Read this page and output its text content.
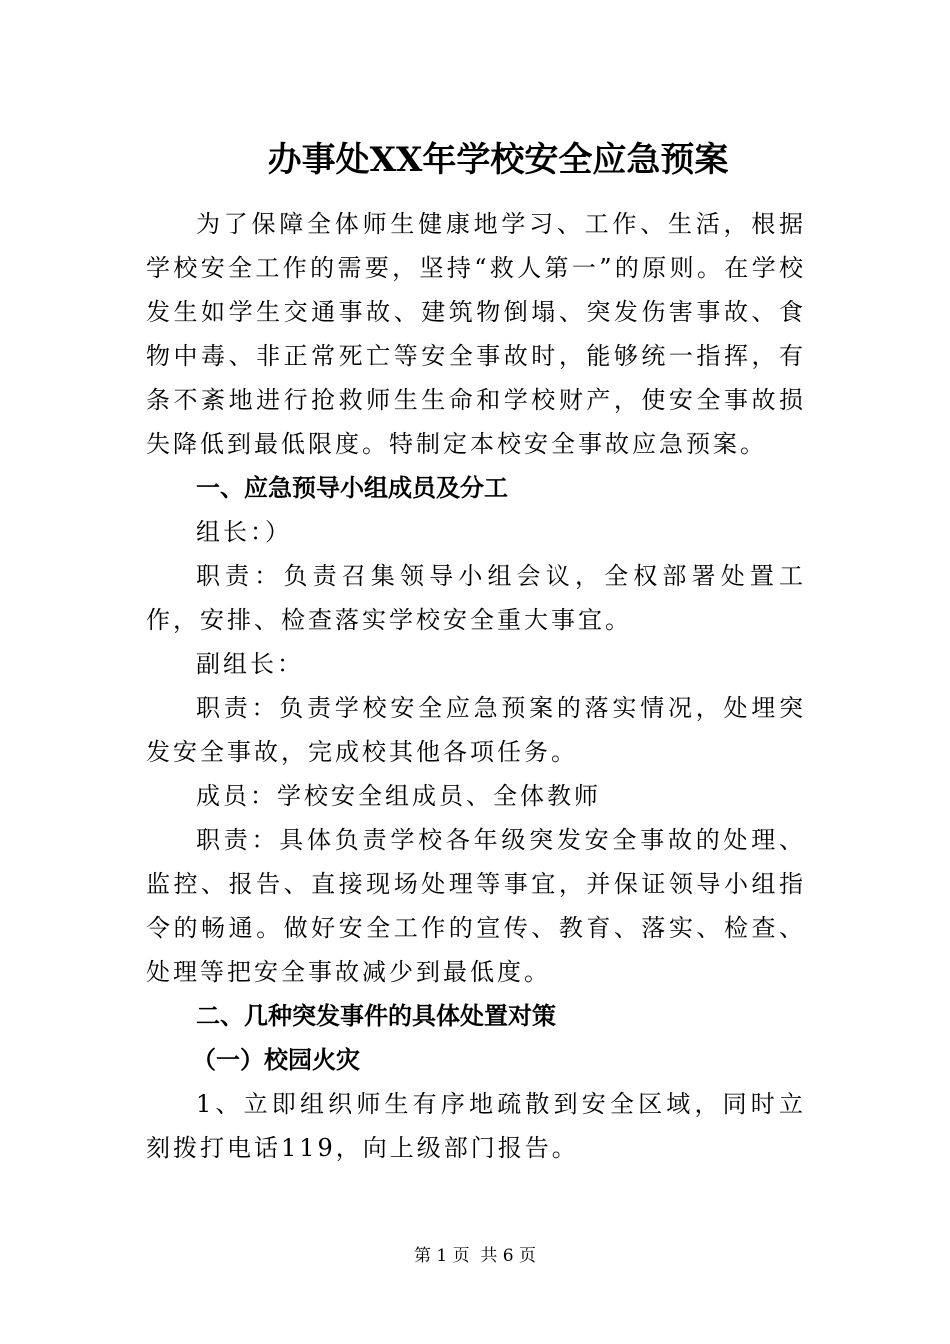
办事处XX年学校安全应急预案

为了保障全体师生健康地学习、工作、生活，根据学校安全工作的需要，坚持“救人第一”的原则。在学校发生如学生交通事故、建筑物倒塌、突发伤害事故、食物中毒、非正常死亡等安全事故时，能够统一指挥，有条不紊地进行抢救师生生命和学校财产，使安全事故损失降低到最低限度。特制定本校安全事故应急预案。

一、应急预导小组成员及分工

组长：）

职责：负责召集领导小组会议，全权部署处置工作，安排、检查落实学校安全重大事宜。

副组长：

职责：负责学校安全应急预案的落实情况，处埋突发安全事故，完成校其他各项任务。

成员：学校安全组成员、全体教师

职责：具体负责学校各年级突发安全事故的处理、监控、报告、直接现场处理等事宜，并保证领导小组指令的畅通。做好安全工作的宣传、教育、落实、检查、处理等把安全事故减少到最低度。

二、几种突发事件的具体处置对策

（一）校园火灾

1、立即组织师生有序地疏散到安全区域，同时立刻拨打电话119，向上级部门报告。

第 1 页  共 6 页
